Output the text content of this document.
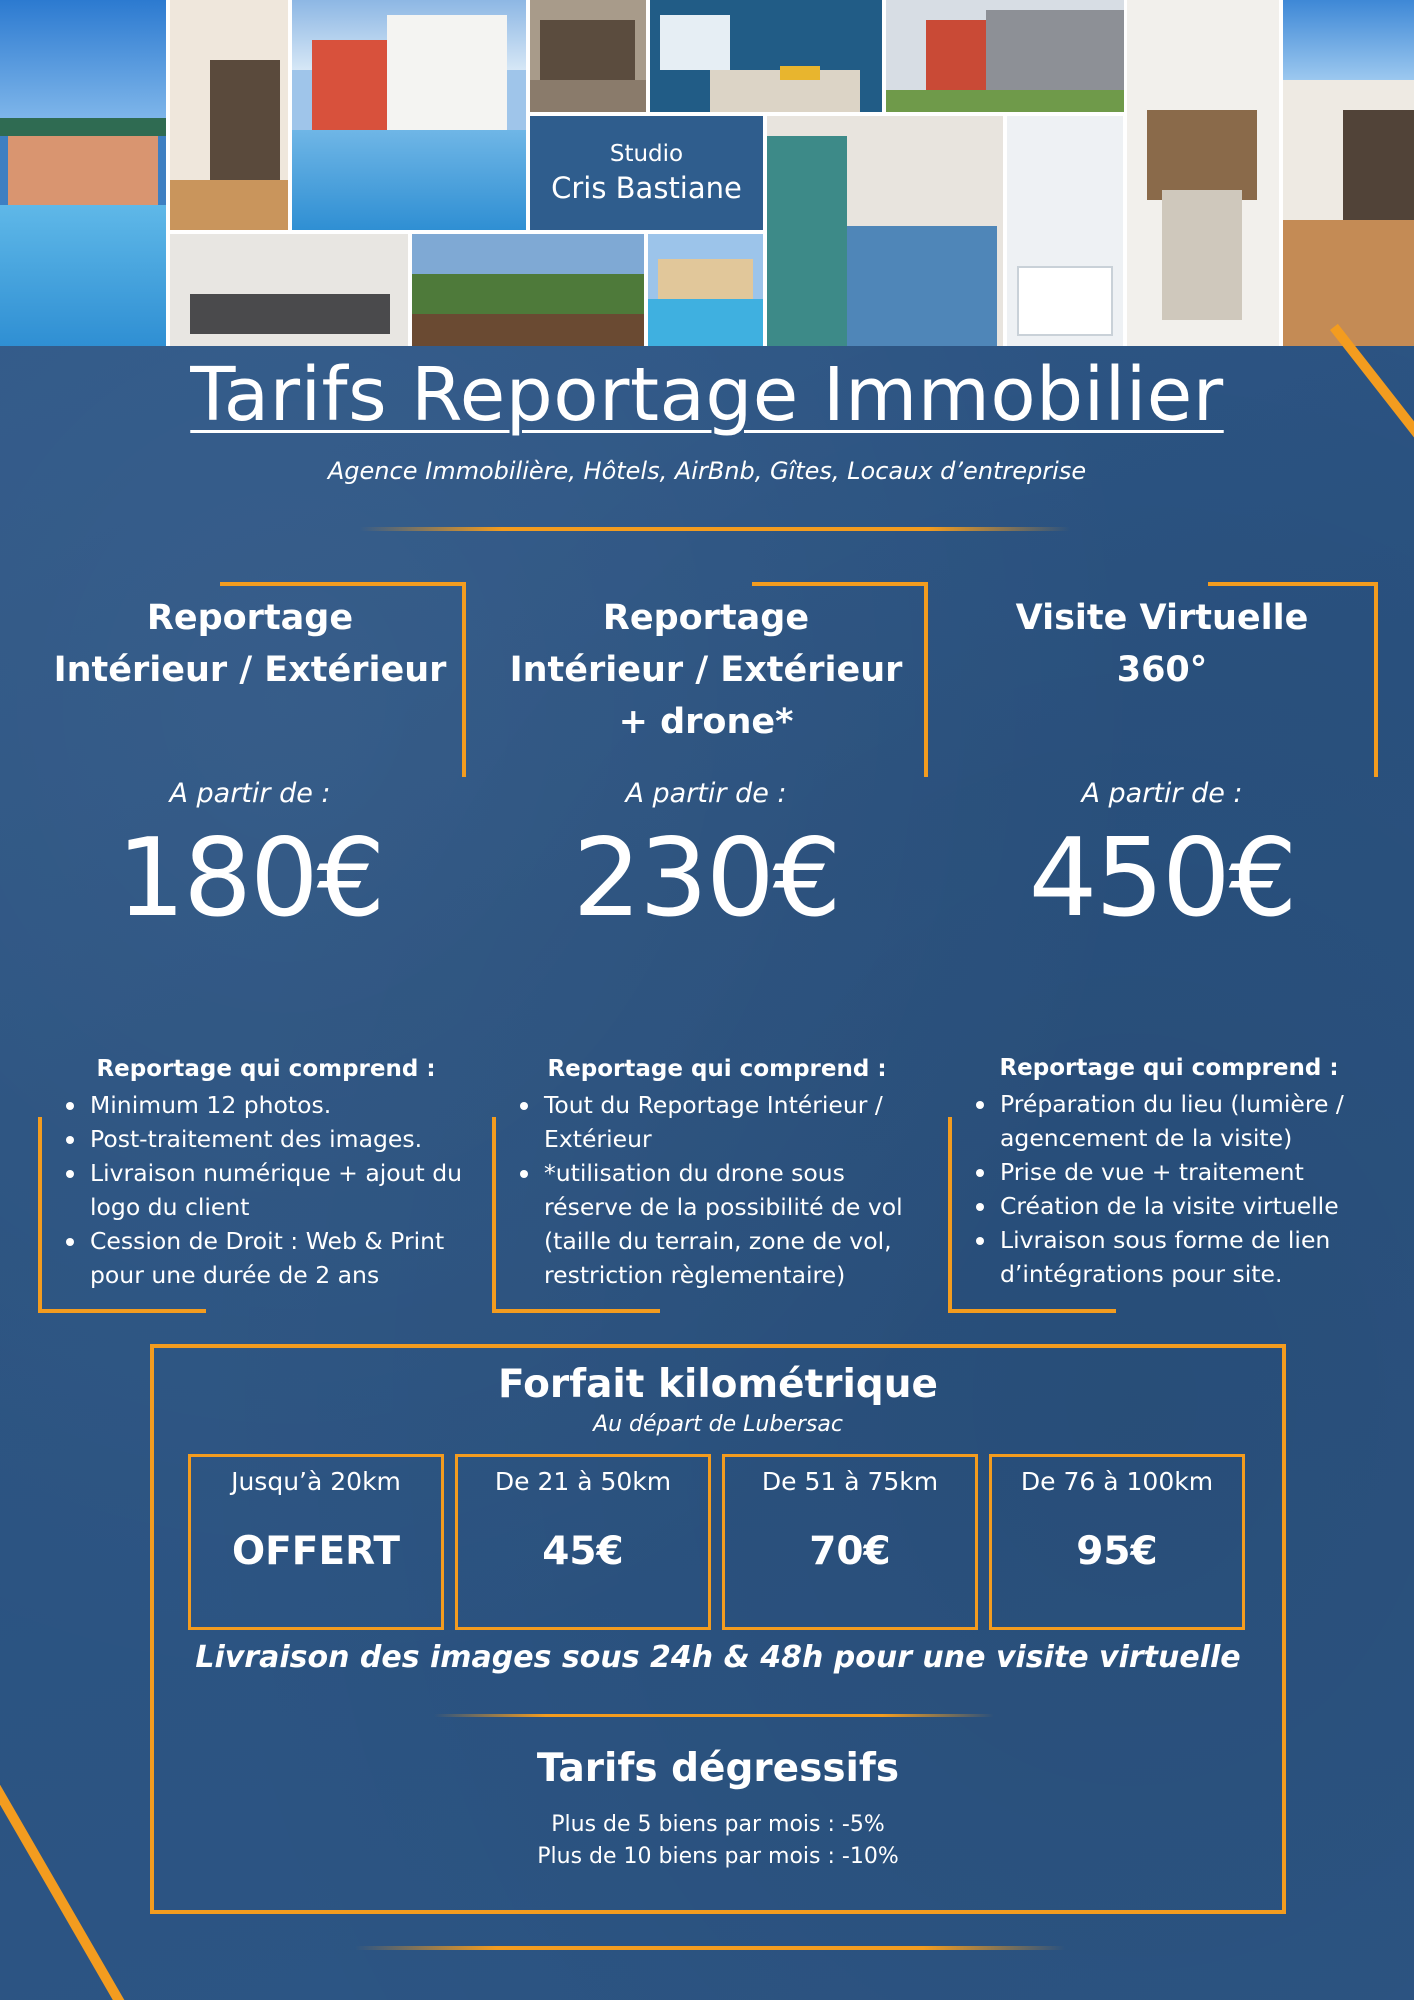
Studio
Cris Bastiane
Tarifs Reportage Immobilier
Agence Immobilière, Hôtels, AirBnb, Gîtes, Locaux d’entreprise
Reportage
Intérieur / Extérieur
A partir de :
180€
Reportage
Intérieur / Extérieur
+ drone*
A partir de :
230€
Visite Virtuelle
360°
A partir de :
450€
Reportage qui comprend :
Minimum 12 photos.
Post-traitement des images.
Livraison numérique + ajout du logo du client
Cession de Droit : Web & Print pour une durée de 2 ans
Reportage qui comprend :
Tout du Reportage Intérieur / Extérieur
*utilisation du drone sous réserve de la possibilité de vol (taille du terrain, zone de vol, restriction règlementaire)
Reportage qui comprend :
Préparation du lieu (lumière / agencement de la visite)
Prise de vue + traitement
Création de la visite virtuelle
Livraison sous forme de lien d’intégrations pour site.
Forfait kilométrique
Au départ de Lubersac
Jusqu’à 20km
OFFERT
De 21 à 50km
45€
De 51 à 75km
70€
De 76 à 100km
95€
Livraison des images sous 24h & 48h pour une visite virtuelle
Tarifs dégressifs
Plus de 5 biens par mois : -5%
Plus de 10 biens par mois : -10%
